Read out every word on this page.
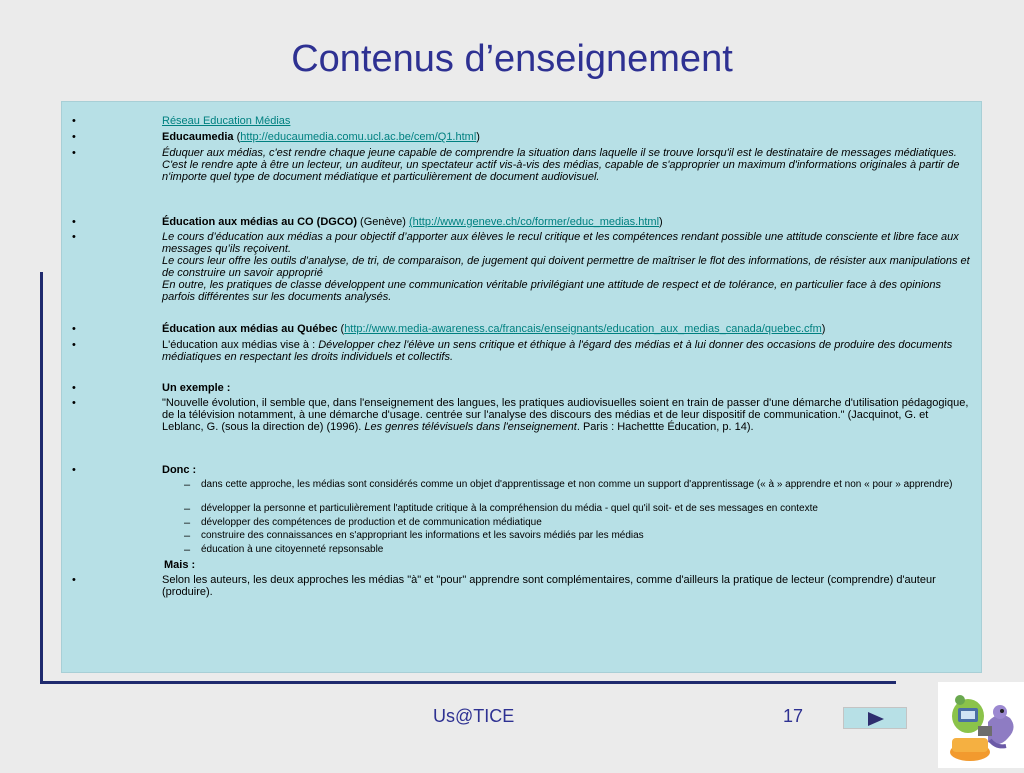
Contenus d’enseignement
•	Réseau Education Médias
•	Educaumedia (http://educaumedia.comu.ucl.ac.be/cem/Q1.html)
•	Éduquer aux médias, c'est rendre chaque jeune capable de comprendre la situation dans laquelle il se trouve lorsqu'il est le destinataire de messages médiatiques.
C'est le rendre apte à être un lecteur, un auditeur, un spectateur actif vis-à-vis des médias, capable de s'approprier un maximum d'informations originales à partir de n'importe quel type de document médiatique et particulièrement de document audiovisuel.
•	Éducation aux médias au CO (DGCO) (Genève) (http://www.geneve.ch/co/former/educ_medias.html)
•	Le cours d’éducation aux médias a pour objectif d’apporter aux élèves le recul critique et les compétences rendant possible une attitude consciente et libre face aux messages qu’ils reçoivent.
Le cours leur offre les outils d’analyse, de tri, de comparaison, de jugement qui doivent permettre de maîtriser le flot des informations, de résister aux manipulations et de construire un savoir approprié
En outre, les pratiques de classe développent une communication véritable privilégiant une attitude de respect et de tolérance, en particulier face à des opinions parfois différentes sur les documents analysés.
•	Éducation aux médias au Québec (http://www.media-awareness.ca/francais/enseignants/education_aux_medias_canada/quebec.cfm)
•	L'éducation aux médias vise à : Développer chez l'élève un sens critique et éthique à l'égard des médias et à lui donner des occasions de produire des documents médiatiques en respectant les droits individuels et collectifs.
•	Un exemple :
•	"Nouvelle évolution, il semble que, dans l'enseignement des langues, les pratiques audiovisuelles soient en train de passer d'une démarche d'utilisation pédagogique, de la télévision notamment, à une démarche d'usage. centrée sur l'analyse des discours des médias et de leur dispositif de communication." (Jacquinot, G. et Leblanc, G. (sous la direction de) (1996). Les genres télévisuels dans l'enseignement. Paris : Hachettte Éducation, p. 14).
•	Donc :
– dans cette approche, les médias sont considérés comme un objet d'apprentissage et non comme un support d'apprentissage (« à » apprendre et non « pour » apprendre)
– développer la personne et particulièrement l'aptitude critique à la compréhension du média - quel qu'il soit- et de ses messages en contexte
– développer des compétences de production et de communication médiatique
– construire des connaissances en s'appropriant les informations et les savoirs médiés par les médias
– éducation à une citoyenneté repsonsable
Mais :
•	Selon les auteurs, les deux approches les médias "à" et "pour" apprendre sont complémentaires, comme d'ailleurs la pratique de lecteur (comprendre) d'auteur (produire).
Us@TICE	17
